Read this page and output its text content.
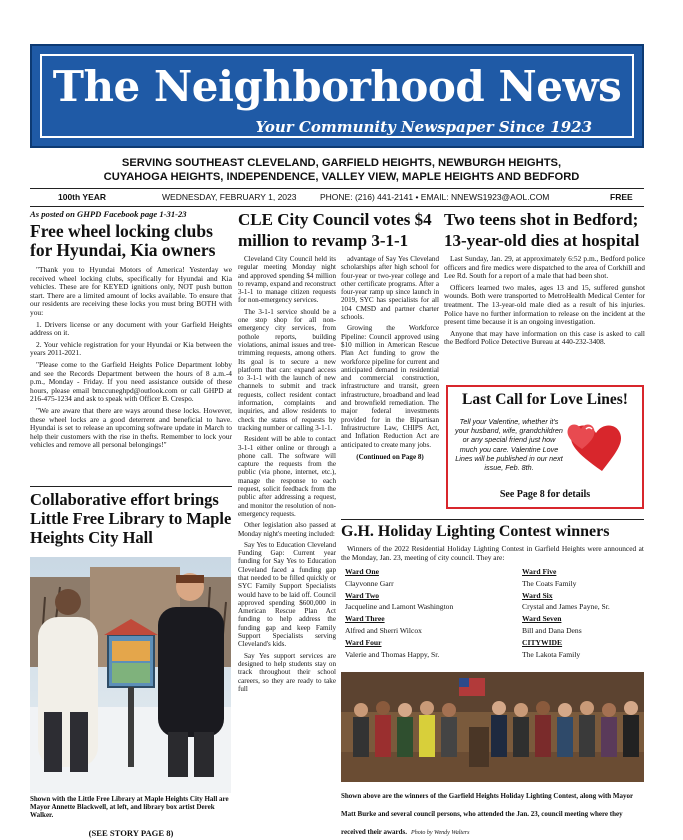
The Neighborhood News
Your Community Newspaper Since 1923
SERVING SOUTHEAST CLEVELAND, GARFIELD HEIGHTS, NEWBURGH HEIGHTS,
CUYAHOGA HEIGHTS, INDEPENDENCE, VALLEY VIEW, MAPLE HEIGHTS AND BEDFORD
100th YEAR	WEDNESDAY, FEBRUARY 1, 2023	PHONE: (216) 441-2141 • EMAIL: NNEWS1923@AOL.COM	FREE
As posted on GHPD Facebook page 1-31-23
Free wheel locking clubs for Hyundai, Kia owners

"Thank you to Hyundai Motors of America! Yesterday we received wheel locking clubs, specifically for Hyundai and Kia vehicles. These are for KEYED ignitions only, NOT push button start. There are a limited amount of locks available. To ensure that our residents are receiving these locks you must bring BOTH with you:

1. Drivers license or any document with your Garfield Heights address on it.

2. Your vehicle registration for your Hyundai or Kia between the years 2011-2021.

"Please come to the Garfield Heights Police Department lobby and see the Records Department between the hours of 8 a.m.-4 p.m., Monday - Friday. If you need assistance outside of these hours, please email bmccuneghpd@outlook.com or call GHPD at 216-475-1234 and ask to speak with Officer B. Crespo.

"We are aware that there are ways around these locks. However, these wheel locks are a good deterrent and beneficial to have. Hyundai is set to release an upcoming software update in March to help their customers with the rise in thefts. Remember to lock your vehicles and remove all personal belongings!"

Collaborative effort brings Little Free Library to Maple Heights City Hall
Shown with the Little Free Library at Maple Heights City Hall are Mayor Annette Blackwell, at left, and library box artist Derek Walker.
(SEE STORY PAGE 8)
CLE City Council votes $4 million to revamp 3-1-1

Cleveland City Council held its regular meeting Monday night and approved spending $4 million to revamp, expand and reconstruct 3-1-1 to manage citizen requests for non-emergency services.

The 3-1-1 service should be a one stop shop for all non-emergency city services, from pothole reports, building violations, animal issues and tree-trimming requests, among others. Its goal is to secure a new platform that can: expand access to 3-1-1 with the launch of new channels to submit and track requests, collect resident contact information, complaints and inquiries, and allow residents to check the status of requests by tracking number or calling 3-1-1.

Resident will be able to contact 3-1-1 either online or through a phone call. The software will capture the requests from the public (via phone, internet, etc.), manage the response to each request, solicit feedback from the public after addressing a request, and monitor the resolution of non-emergency requests.

Other legislation also passed at Monday night's meeting included:

Say Yes to Education Cleveland Funding Gap: Current year funding for Say Yes to Education Cleveland faced a funding gap that needed to be filled quickly or SYC Family Support Specialists would have to be laid off. Council approved spending $600,000 in American Rescue Plan Act funding to help address the funding gap and keep Family Support Specialists serving Cleveland's kids.

Say Yes support services are designed to help students stay on track throughout their school careers, so they are ready to take full

advantage of Say Yes Cleveland scholarships after high school for four-year or two-year college and other certificate programs. After a four-year ramp up since launch in 2019, SYC has specialists for all 104 CMSD and partner charter schools.

Growing the Workforce Pipeline: Council approved using $10 million in American Rescue Plan Act funding to grow the workforce pipeline for current and anticipated demand in residential and commercial construction, infrastructure and transit, green infrastructure, broadband and lead and brownfield remediation. The major federal investments provided for in the Bipartisan Infrastructure Law, CHIPS Act, and Inflation Reduction Act are anticipated to create many jobs.

(Continued on Page 8)
Two teens shot in Bedford; 13-year-old dies at hospital

Last Sunday, Jan. 29, at approximately 6:52 p.m., Bedford police officers and fire medics were dispatched to the area of Corkhill and Lee Rd. South for a report of a male that had been shot.

Officers learned two males, ages 13 and 15, suffered gunshot wounds. Both were transported to MetroHealth Medical Center for treatment. The 13-year-old male died as a result of his injuries. Police have no further information to release on the incident at the present time because it is an ongoing investigation.

Anyone that may have information on this case is asked to call the Bedford Police Detective Bureau at 440-232-3408.

Last Call for Love Lines!
Tell your Valentine, whether it's your husband, wife, grandchildren or any special friend just how much you care. Valentine Love Lines will be published in our next issue, Feb. 8th.
See Page 8 for details
G.H. Holiday Lighting Contest winners
Winners of the 2022 Residential Holiday Lighting Contest in Garfield Heights were announced at the Monday, Jan. 23, meeting of city council. They are:
Ward One
Clayvonne Garr
Ward Two
Jacqueline and Lamont Washington
Ward Three
Alfred and Sherri Wilcox
Ward Four
Valerie and Thomas Happy, Sr.
Ward Five
The Coats Family
Ward Six
Crystal and James Payne, Sr.
Ward Seven
Bill and Dana Dens
CITYWIDE
The Lakota Family
Shown above are the winners of the Garfield Heights Holiday Lighting Contest, along with Mayor Matt Burke and several council persons, who attended the Jan. 23, council meeting where they received their awards. Photo by Wendy Walters
